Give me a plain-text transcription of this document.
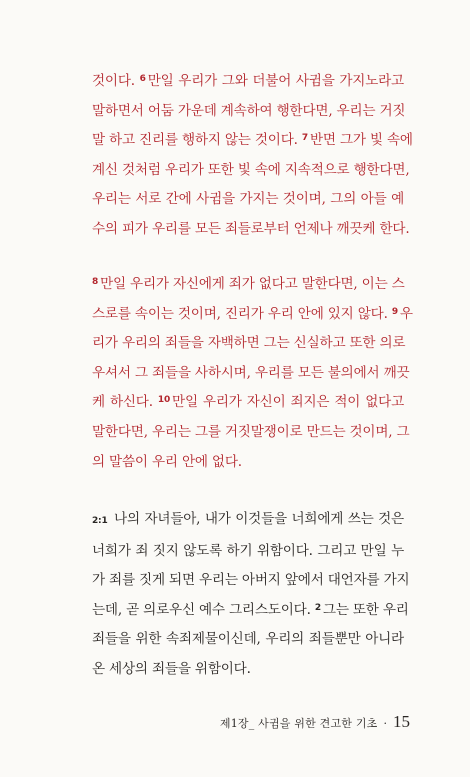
것이다. $^6$ 만일 우리가 그와 더불어 사귐을 가지노라고
말하면서 어둠 가운데 계속하여 행한다면, 우리는 거짓
말 하고 진리를 행하지 않는 것이다. $^7$ 반면 그가 빛 속에
계신 것처럼 우리가 또한 빛 속에 지속적으로 행한다면,
우리는 서로 간에 사귐을 가지는 것이며, 그의 아들 예
수의 피가 우리를 모든 죄들로부터 언제나 깨끗케 한다.
$^8$ 만일 우리가 자신에게 죄가 없다고 말한다면, 이는 스
스로를 속이는 것이며, 진리가 우리 안에 있지 않다. $^9$ 우
리가 우리의 죄들을 자백하면 그는 신실하고 또한 의로
우셔서 그 죄들을 사하시며, 우리를 모든 불의에서 깨끗
케 하신다. $^{10}$ 만일 우리가 자신이 죄지은 적이 없다고
말한다면, 우리는 그를 거짓말쟁이로 만드는 것이며, 그
의 말씀이 우리 안에 없다.
2:1 나의 자녀들아, 내가 이것들을 너희에게 쓰는 것은
너희가 죄 짓지 않도록 하기 위함이다. 그리고 만일 누
가 죄를 짓게 되면 우리는 아버지 앞에서 대언자를 가지
는데, 곧 의로우신 예수 그리스도이다. $^2$ 그는 또한 우리
죄들을 위한 속죄제물이신데, 우리의 죄들뿐만 아니라
온 세상의 죄들을 위함이다.
제1장_ 사귐을 위한 견고한 기초 · 15
